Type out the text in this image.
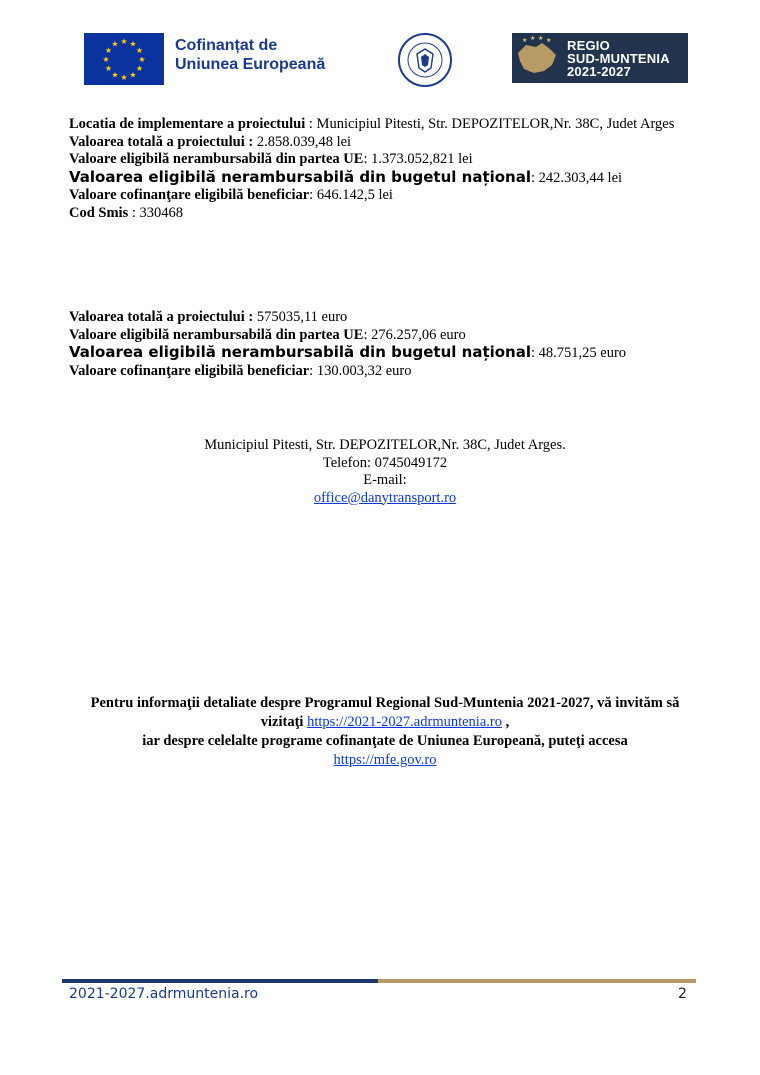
★ ★
★
★
★
★
★
★
★
★
★
★	Cofinanțat de
Uniunea Europeană
★ ★ ★ ★ REGIO
SUD-MUNTENIA
2021-2027

Locatia de implementare a proiectului : Municipiul Pitesti, Str. DEPOZITELOR,Nr. 38C, Judet Arges

Valoarea totală a proiectului : 2.858.039,48 lei

Valoare eligibilă nerambursabilă din partea UE: 1.373.052,821 lei

Valoarea eligibilă nerambursabilă din bugetul național: 242.303,44 lei

Valoare cofinanţare eligibilă beneficiar: 646.142,5 lei

Cod Smis : 330468

Valoarea totală a proiectului : 575035,11 euro

Valoare eligibilă nerambursabilă din partea UE: 276.257,06 euro

Valoarea eligibilă nerambursabilă din bugetul național: 48.751,25 euro

Valoare cofinanţare eligibilă beneficiar: 130.003,32 euro

Municipiul Pitesti, Str. DEPOZITELOR,Nr. 38C, Judet Arges.

Telefon: 0745049172

E-mail:

office@danytransport.ro

Pentru informaţii detaliate despre Programul Regional Sud-Muntenia 2021-2027, vă invităm să

vizitaţi https://2021-2027.adrmuntenia.ro ,

iar despre celelalte programe cofinanţate de Uniunea Europeană, puteţi accesa

https://mfe.gov.ro

2021-2027.adrmuntenia.ro	2
